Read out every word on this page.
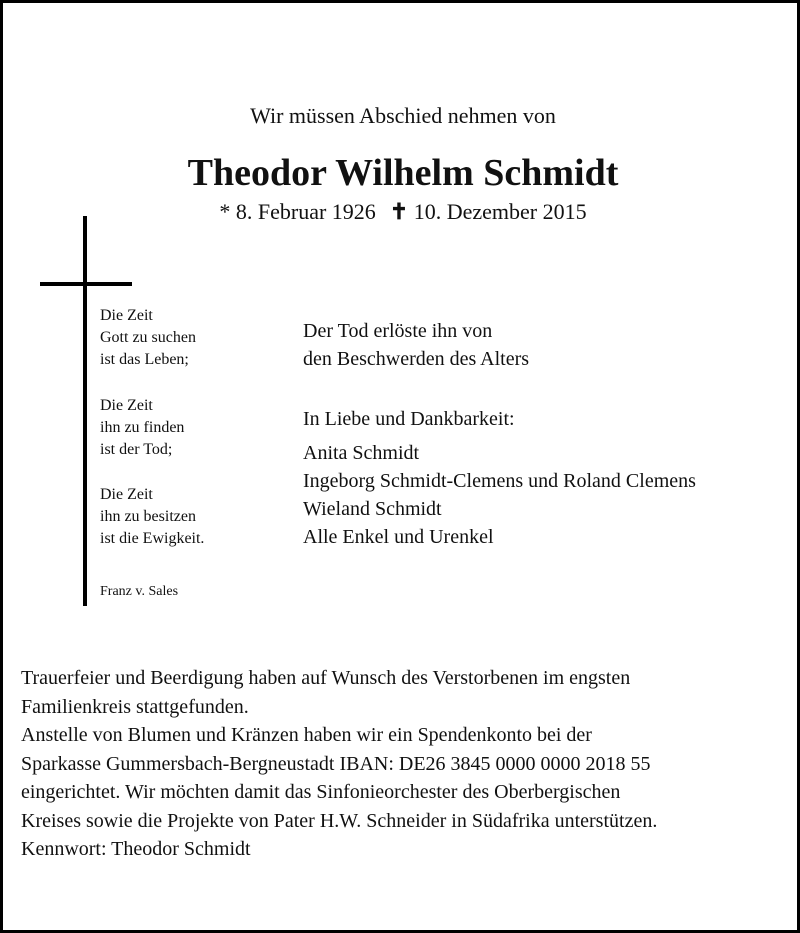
Wir müssen Abschied nehmen von
Theodor Wilhelm Schmidt
* 8. Februar 1926 ✝ 10. Dezember 2015
Die Zeit
Gott zu suchen
ist das Leben;
Die Zeit
ihn zu finden
ist der Tod;
Die Zeit
ihn zu besitzen
ist die Ewigkeit.
Franz v. Sales
Der Tod erlöste ihn von
den Beschwerden des Alters
In Liebe und Dankbarkeit:
Anita Schmidt
Ingeborg Schmidt-Clemens und Roland Clemens
Wieland Schmidt
Alle Enkel und Urenkel
Trauerfeier und Beerdigung haben auf Wunsch des Verstorbenen im engsten
Familienkreis stattgefunden.
Anstelle von Blumen und Kränzen haben wir ein Spendenkonto bei der
Sparkasse Gummersbach-Bergneustadt IBAN: DE26 3845 0000 0000 2018 55
eingerichtet. Wir möchten damit das Sinfonieorchester des Oberbergischen
Kreises sowie die Projekte von Pater H.W. Schneider in Südafrika unterstützen.
Kennwort: Theodor Schmidt
